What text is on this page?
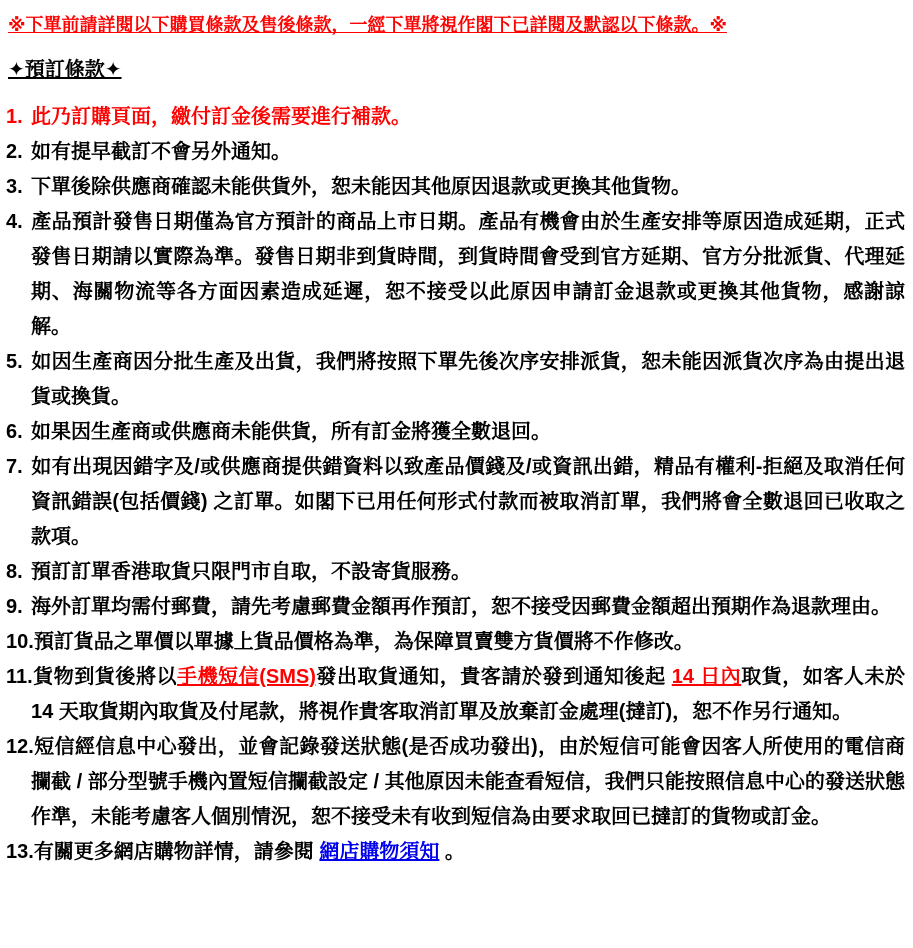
※下單前請詳閱以下購買條款及售後條款，一經下單將視作閣下已詳閱及默認以下條款。※
✦預訂條款✦
1. 此乃訂購頁面，繳付訂金後需要進行補款。
2. 如有提早截訂不會另外通知。
3. 下單後除供應商確認未能供貨外，恕未能因其他原因退款或更換其他貨物。
4. 產品預計發售日期僅為官方預計的商品上市日期。產品有機會由於生產安排等原因造成延期，正式發售日期請以實際為準。發售日期非到貨時間，到貨時間會受到官方延期、官方分批派貨、代理延期、海關物流等各方面因素造成延遲，恕不接受以此原因申請訂金退款或更換其他貨物，感謝諒解。
5. 如因生產商因分批生產及出貨，我們將按照下單先後次序安排派貨，恕未能因派貨次序為由提出退貨或換貨。
6. 如果因生產商或供應商未能供貨，所有訂金將獲全數退回。
7. 如有出現因錯字及/或供應商提供錯資料以致產品價錢及/或資訊出錯，精品有權利-拒絕及取消任何資訊錯誤(包括價錢) 之訂單。如閣下已用任何形式付款而被取消訂單，我們將會全數退回已收取之款項。
8. 預訂訂單香港取貨只限門市自取，不設寄貨服務。
9. 海外訂單均需付郵費，請先考慮郵費金額再作預訂，恕不接受因郵費金額超出預期作為退款理由。
10.預訂貨品之單價以單據上貨品價格為準，為保障買賣雙方貨價將不作修改。
11.貨物到貨後將以手機短信(SMS)發出取貨通知，貴客請於發到通知後起 14 日內取貨，如客人未於 14 天取貨期內取貨及付尾款，將視作貴客取消訂單及放棄訂金處理(撻訂)，恕不作另行通知。
12.短信經信息中心發出，並會記錄發送狀態(是否成功發出)，由於短信可能會因客人所使用的電信商攔截 / 部分型號手機內置短信攔截設定 / 其他原因未能查看短信，我們只能按照信息中心的發送狀態作準，未能考慮客人個別情況，恕不接受未有收到短信為由要求取回已撻訂的貨物或訂金。
13.有關更多網店購物詳情，請參閱 網店購物須知 。
